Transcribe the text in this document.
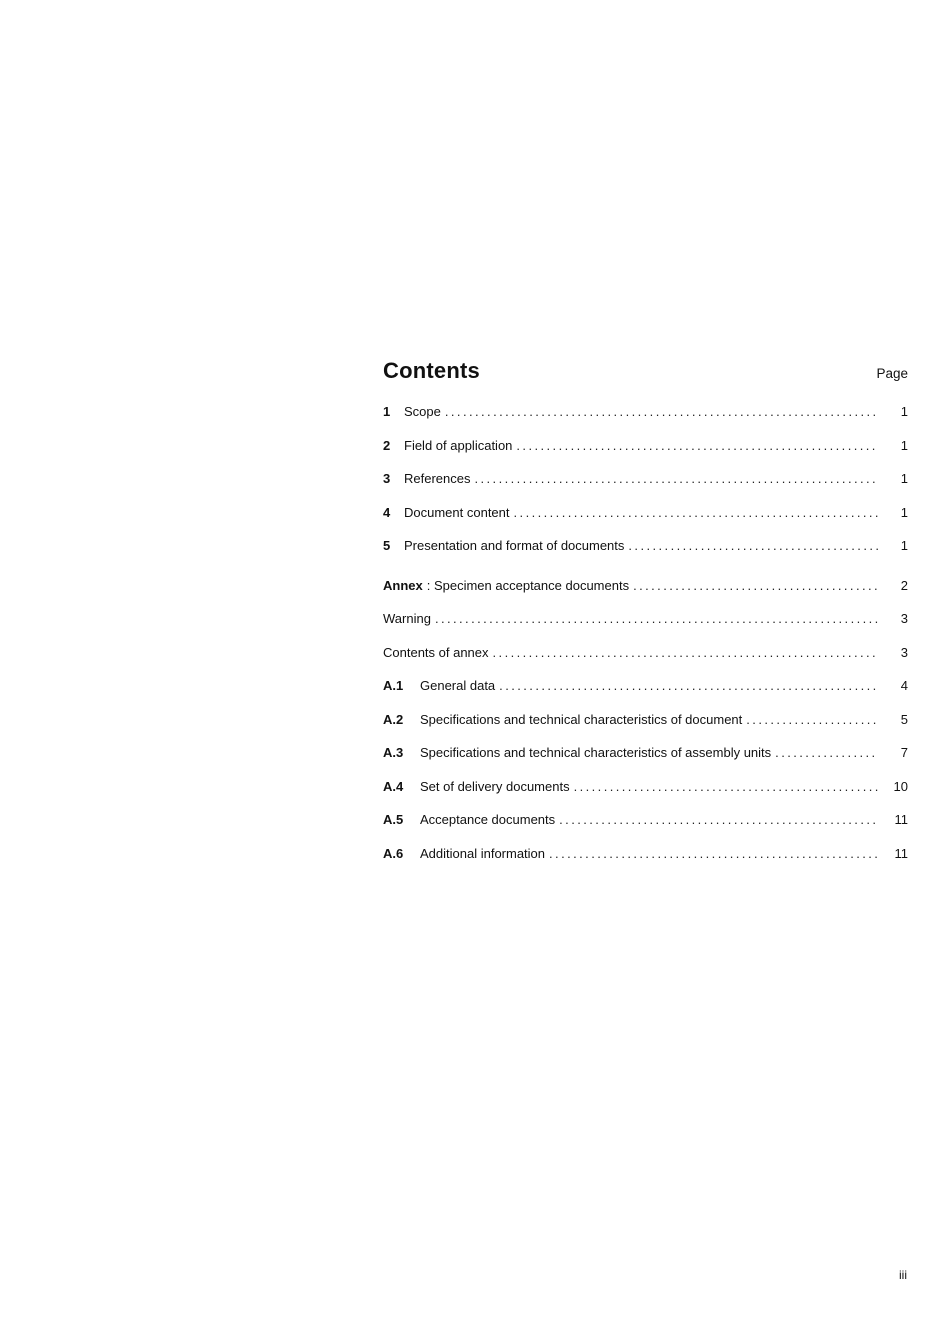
Contents	Page
1	Scope . . .	1
2	Field of application . . .	1
3	References . . .	1
4	Document content . . .	1
5	Presentation and format of documents . . .	1
Annex : Specimen acceptance documents . . .	2
Warning . . .	3
Contents of annex . . .	3
A.1	General data . . .	4
A.2	Specifications and technical characteristics of document . . .	5
A.3	Specifications and technical characteristics of assembly units . . .	7
A.4	Set of delivery documents . . .	10
A.5	Acceptance documents . . .	11
A.6	Additional information . . .	11
iii
